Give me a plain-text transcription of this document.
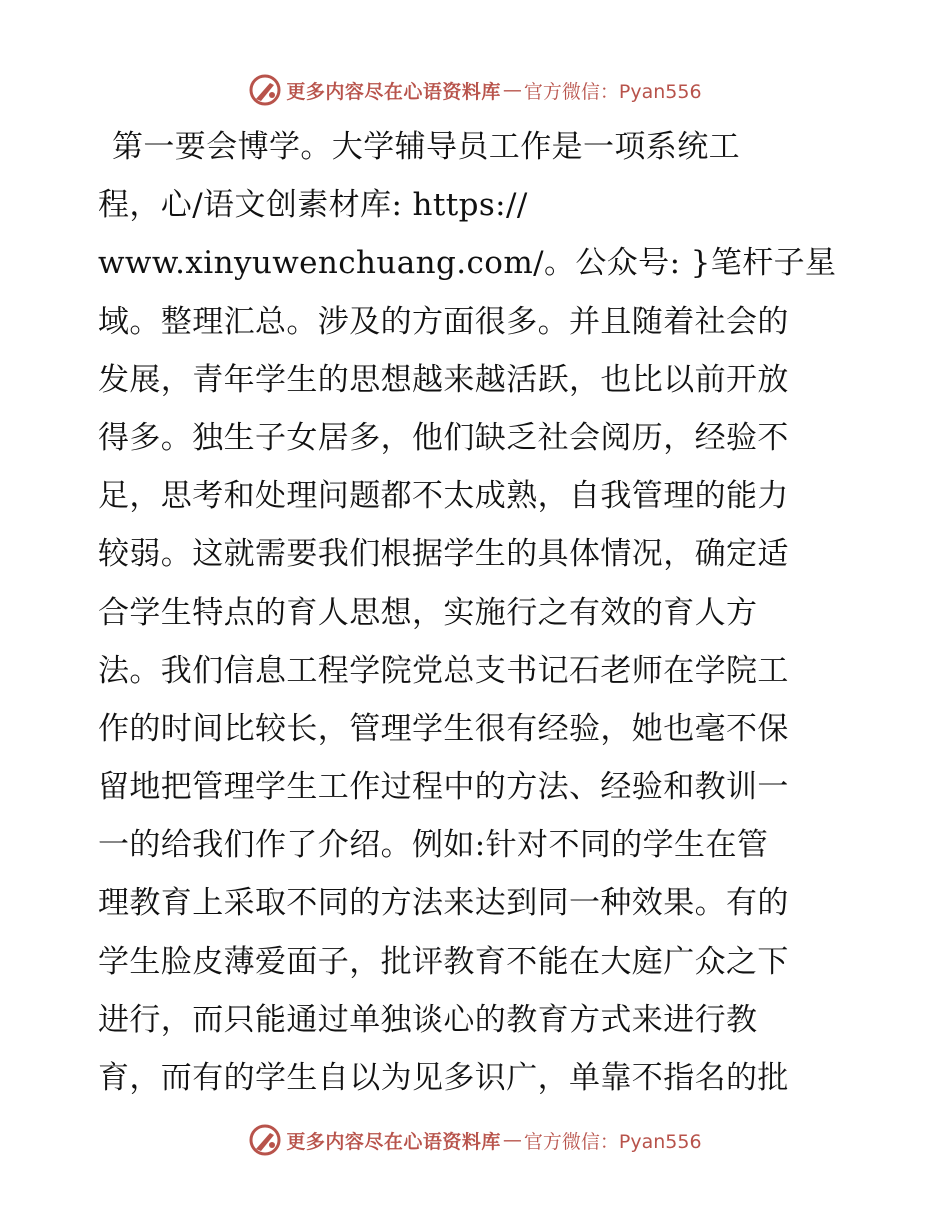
更多内容尽在心语资料库 — 官方微信：Pyan556
第一要会博学。大学辅导员工作是一项系统工
程，心/语文创素材库: https://
www.xinyuwenchuang.com/。公众号: }笔杆子星
域。整理汇总。涉及的方面很多。并且随着社会的
发展，青年学生的思想越来越活跃，也比以前开放
得多。独生子女居多，他们缺乏社会阅历，经验不
足，思考和处理问题都不太成熟，自我管理的能力
较弱。这就需要我们根据学生的具体情况，确定适
合学生特点的育人思想，实施行之有效的育人方
法。我们信息工程学院党总支书记石老师在学院工
作的时间比较长，管理学生很有经验，她也毫不保
留地把管理学生工作过程中的方法、经验和教训一
一的给我们作了介绍。例如:针对不同的学生在管
理教育上采取不同的方法来达到同一种效果。有的
学生脸皮薄爱面子，批评教育不能在大庭广众之下
进行，而只能通过单独谈心的教育方式来进行教
育，而有的学生自以为见多识广，单靠不指名的批
更多内容尽在心语资料库 — 官方微信：Pyan556
